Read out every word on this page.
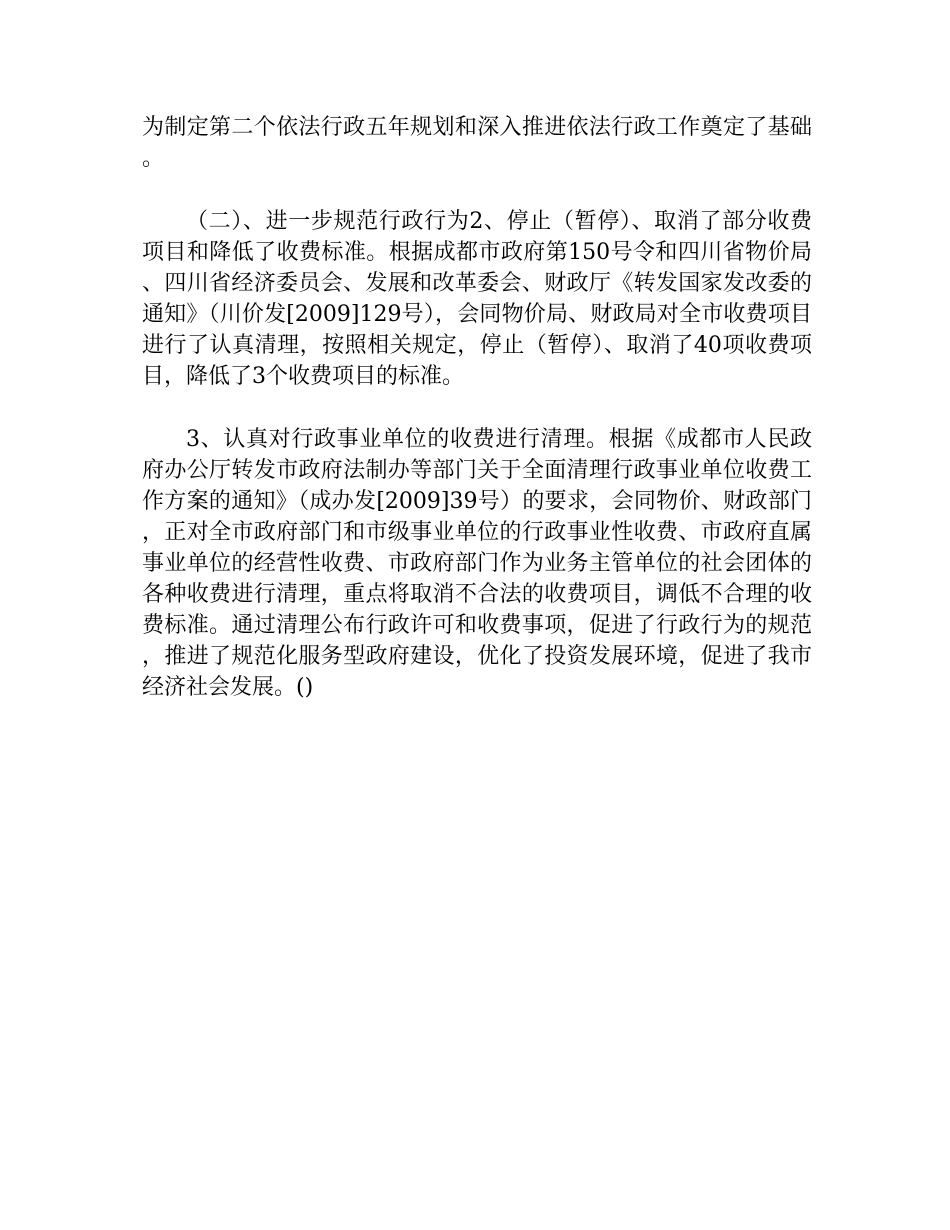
为制定第二个依法行政五年规划和深入推进依法行政工作奠定了基础。

（二）、进一步规范行政行为2、停止（暂停）、取消了部分收费项目和降低了收费标准。根据成都市政府第150号令和四川省物价局、四川省经济委员会、发展和改革委会、财政厅《转发国家发改委的通知》（川价发[2009]129号），会同物价局、财政局对全市收费项目进行了认真清理，按照相关规定，停止（暂停）、取消了40项收费项目，降低了3个收费项目的标准。

3、认真对行政事业单位的收费进行清理。根据《成都市人民政府办公厅转发市政府法制办等部门关于全面清理行政事业单位收费工作方案的通知》（成办发[2009]39号）的要求，会同物价、财政部门，正对全市政府部门和市级事业单位的行政事业性收费、市政府直属事业单位的经营性收费、市政府部门作为业务主管单位的社会团体的各种收费进行清理，重点将取消不合法的收费项目，调低不合理的收费标准。通过清理公布行政许可和收费事项，促进了行政行为的规范，推进了规范化服务型政府建设，优化了投资发展环境，促进了我市经济社会发展。()
